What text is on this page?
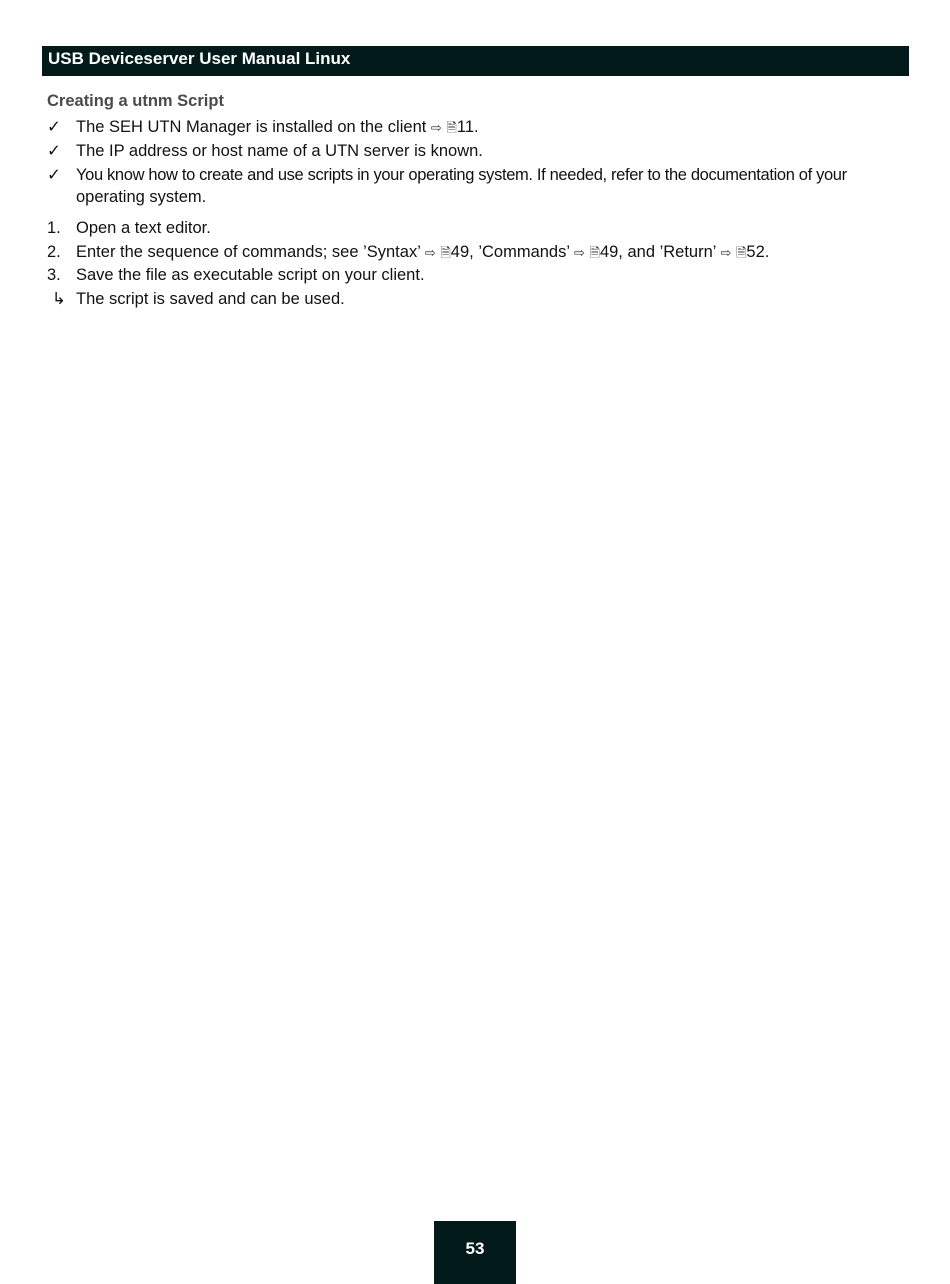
USB Deviceserver User Manual Linux
Creating a utnm Script
✓ The SEH UTN Manager is installed on the client ⇨ 🗎11.
✓ The IP address or host name of a UTN server is known.
✓ You know how to create and use scripts in your operating system. If needed, refer to the documentation of your
operating system.
1. Open a text editor.
2. Enter the sequence of commands; see ’Syntax’ ⇨ 🗎49, ’Commands’ ⇨ 🗎49, and ’Return’ ⇨ 🗎52.
3. Save the file as executable script on your client.
↳ The script is saved and can be used.
53
